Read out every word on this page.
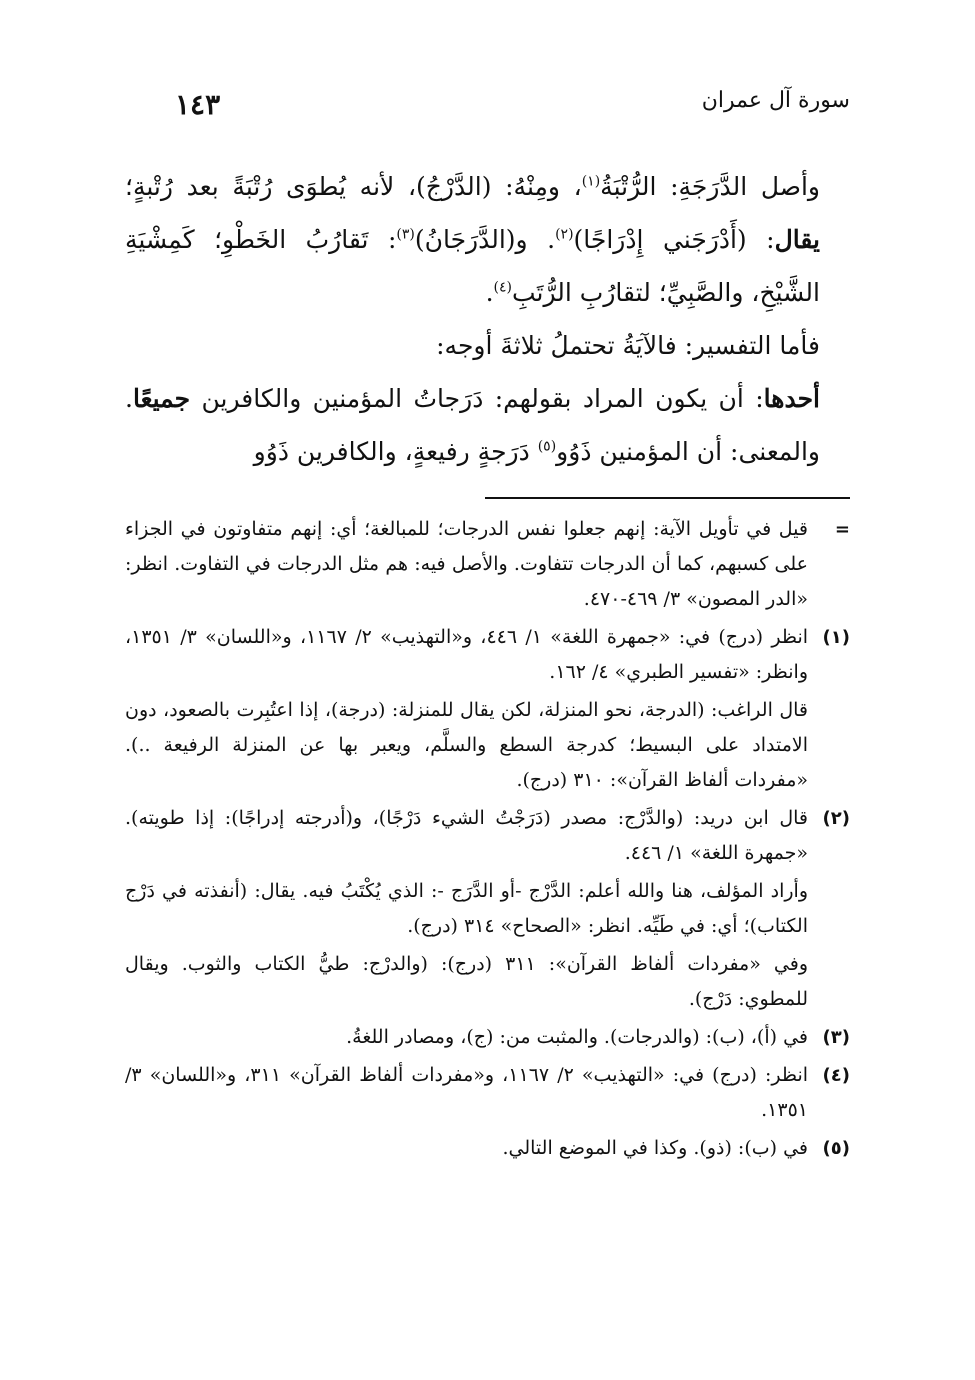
سورة آل عمران
١٤٣

وأصل الدَّرَجَةِ: الرُّتْبَةُ$^{(١)}$، ومِنْهُ: (الدَّرْجُ)، لأنه يُطوَى رُتْبَةً بعد رُتْبةٍ؛ يقال: (أَدْرَجَني إِدْرَاجًا)$^{(٢)}$. و(الدَّرَجَانُ)$^{(٣)}$: تَقارُبُ الخَطْوِ؛ كَمِشْيَةِ الشَّيْخِ، والصَّبِيِّ؛ لتقارُبِ الرُّتَبِ$^{(٤)}$.

فأما التفسير: فالآيَةُ تحتملُ ثلاثةَ أوجه:

أحدها: أن يكون المراد بقولهم: دَرَجاتُ المؤمنين والكافرين جميعًا. والمعنى: أن المؤمنين ذَوُو$^{(٥)}$ دَرَجةٍ رفيعةٍ، والكافرين ذَوُو

=
قيل في تأويل الآية: إنهم جعلوا نفس الدرجات؛ للمبالغة؛ أي: إنهم متفاوتون في الجزاء على كسبهم، كما أن الدرجات تتفاوت. والأصل فيه: هم مثل الدرجات في التفاوت. انظر: «الدر المصون» ٣/ ٤٦٩-٤٧٠.
(١)
انظر (درج) في: «جمهرة اللغة» ١/ ٤٤٦، و«التهذيب» ٢/ ١١٦٧، و«اللسان» ٣/ ١٣٥١، وانظر: «تفسير الطبري» ٤/ ١٦٢.
قال الراغب: (الدرجة، نحو المنزلة، لكن يقال للمنزلة: (درجة)، إذا اعتُبِرت بالصعود، دون الامتداد على البسيط؛ كدرجة السطع والسلَّم، ويعبر بها عن المنزلة الرفيعة ..). «مفردات ألفاظ القرآن»: ٣١٠ (درج).
(٢)
قال ابن دريد: (والدَّرْج: مصدر (دَرَجْتُ الشيء دَرْجًا)، و(أدرجته إدراجًا): إذا طويته). «جمهرة اللغة» ١/ ٤٤٦.
وأراد المؤلف، هنا والله أعلم: الدَّرْج -أو الدَّرَج -: الذي يُكْتَبُ فيه. يقال: (أنفذته في دَرْج الكتاب)؛ أي: في طَيِّه. انظر: «الصحاح» ٣١٤ (درج).
وفي «مفردات ألفاظ القرآن»: ٣١١ (درج): (والدرْج: طيُّ الكتاب والثوب. ويقال للمطوي: دَرْج).
(٣)
في (أ)، (ب): (والدرجات). والمثبت من: (ج)، ومصادر اللغةُ.
(٤)
انظر: (درج) في: «التهذيب» ٢/ ١١٦٧، و«مفردات ألفاظ القرآن» ٣١١، و«اللسان» ٣/ ١٣٥١.
(٥)
في (ب): (ذو). وكذا في الموضع التالي.
